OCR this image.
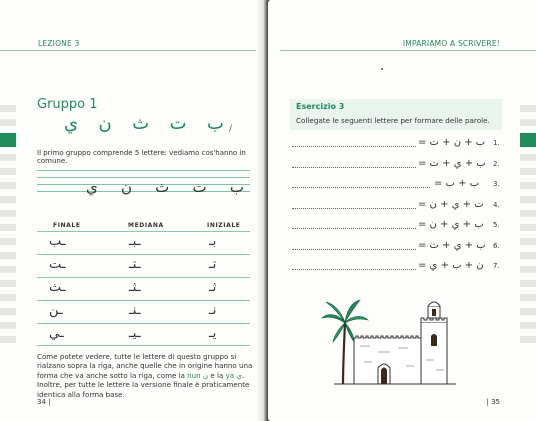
LEZIONE 3
Gruppo 1
ي ن ث ت ب /
Il primo gruppo comprende 5 lettere: vediamo cos'hanno in comune.
ي ن ث ت ب
FINALE	MEDIANA	INIZIALE
ـب	ـبـ	بـ
ـت	ـتـ	تـ
ـث	ـثـ	ثـ
ـن	ـنـ	نـ
ـي	ـيـ	يـ
Come potete vedere, tutte le lettere di questo gruppo si rialzano sopra la riga, anche quelle che in origine hanno una forma che va anche sotto la riga, come la nun ن e la ya ي. Inoltre, per tutte le lettere la versione finale è praticamente identica alla forma base.
34 |
IMPARIAMO A SCRIVERE!
Esercizio 3
Collegate le seguenti lettere per formare delle parole.
ب + ن + ت = 1.
ب + ي + ت = 2.
ب + ب = 3.
ت + ي + ن = 4.
ب + ي + ن = 5.
ب + ي + ت = 6.
ن + ب + ي = 7.
| 35
